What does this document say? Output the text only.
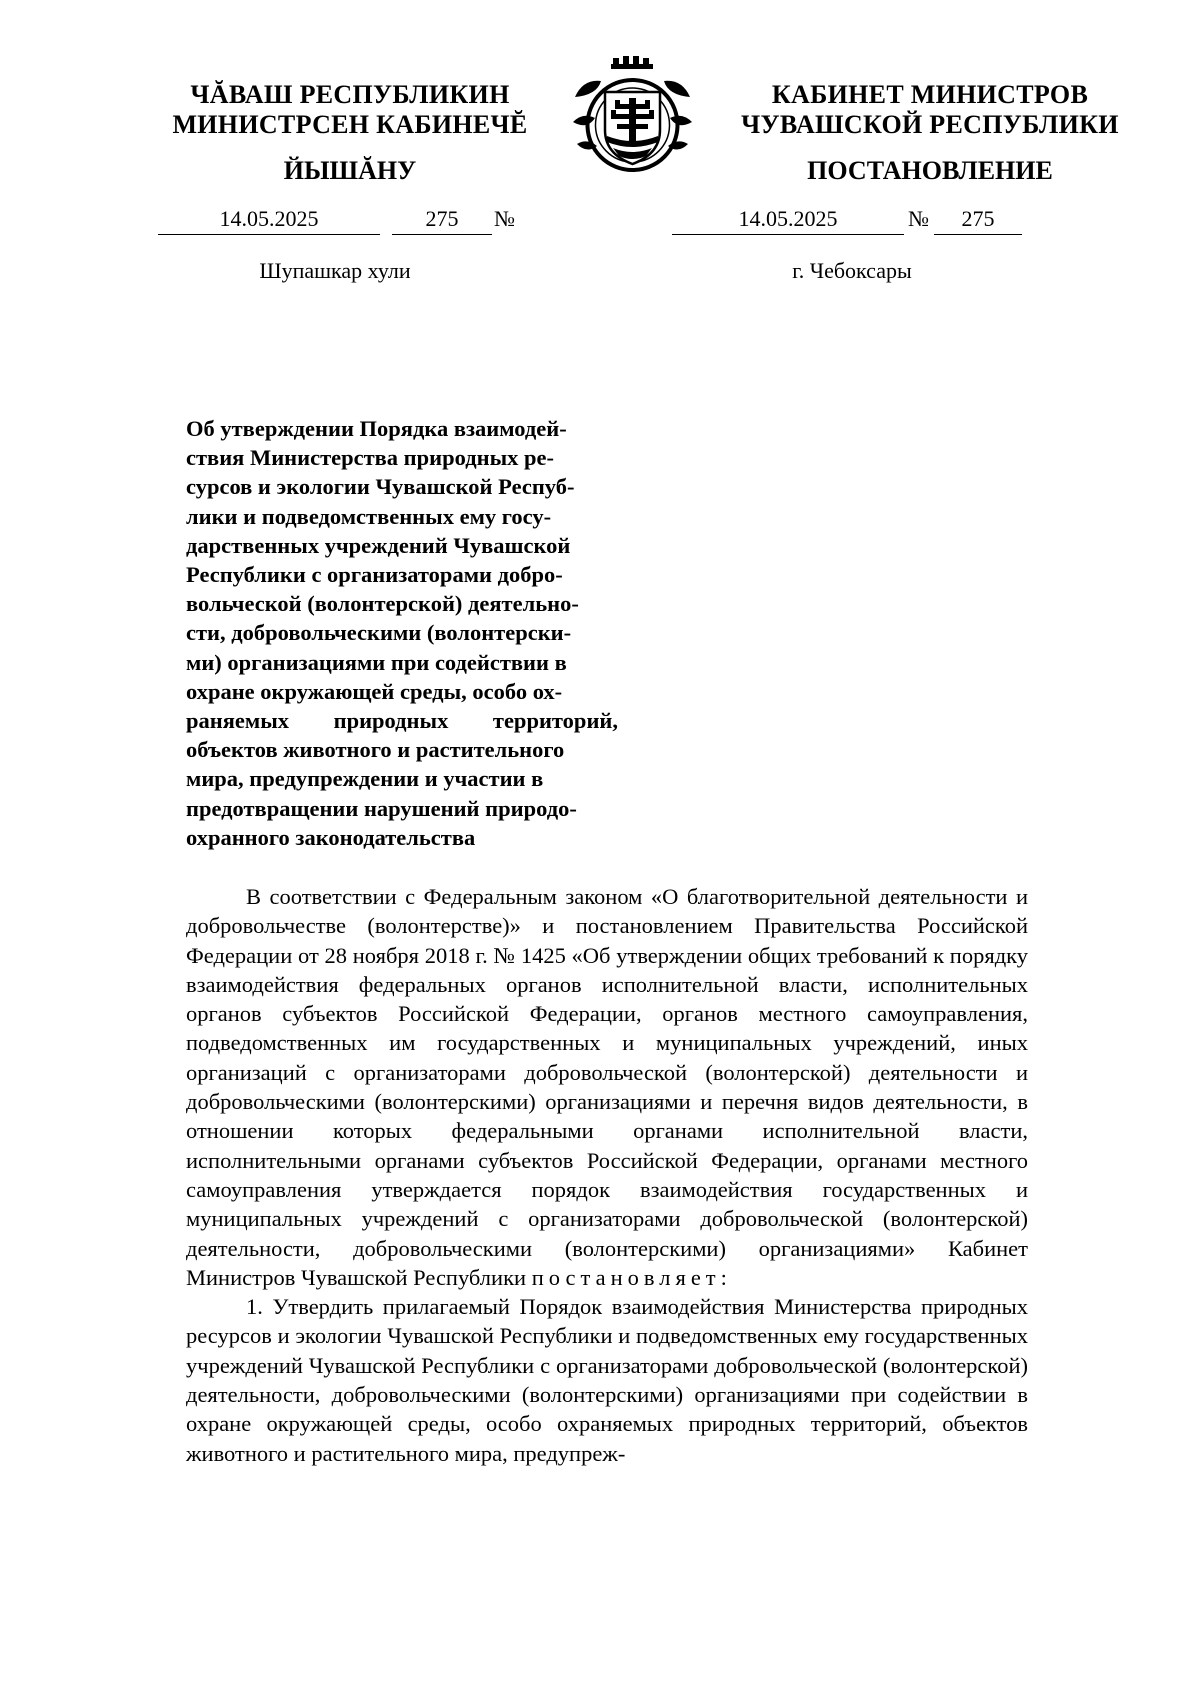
ЧĂВАШ РЕСПУБЛИКИН
МИНИСТРСЕН КАБИНЕЧĔ
ЙЫШĂНУ
КАБИНЕТ МИНИСТРОВ
ЧУВАШСКОЙ РЕСПУБЛИКИ
ПОСТАНОВЛЕНИЕ
14.05.2025	275	№	14.05.2025	№	275
Шупашкар хули	г. Чебоксары
Об утверждении Порядка взаимодей-
ствия Министерства природных ре-
сурсов и экологии Чувашской Респуб-
лики и подведомственных ему госу-
дарственных учреждений Чувашской
Республики с организаторами добро-
вольческой (волонтерской) деятельно-
сти, добровольческими (волонтерски-
ми) организациями при содействии в
охране окружающей среды, особо ох-
раняемых природных территорий,
объектов животного и растительного
мира, предупреждении и участии в
предотвращении нарушений природо-
охранного законодательства

В соответствии с Федеральным законом «О благотворительной деятельности и добровольчестве (волонтерстве)» и постановлением Правительства Российской Федерации от 28 ноября 2018 г. № 1425 «Об утверждении общих требований к порядку взаимодействия федеральных органов исполнительной власти, исполнительных органов субъектов Российской Федерации, органов местного самоуправления, подведомственных им государственных и муниципальных учреждений, иных организаций с организаторами добровольческой (волонтерской) деятельности и добровольческими (волонтерскими) организациями и перечня видов деятельности, в отношении которых федеральными органами исполнительной власти, исполнительными органами субъектов Российской Федерации, органами местного самоуправления утверждается порядок взаимодействия государственных и муниципальных учреждений с организаторами добровольческой (волонтерской) деятельности, добровольческими (волонтерскими) организациями» Кабинет Министров Чувашской Республики постановляет:

1. Утвердить прилагаемый Порядок взаимодействия Министерства природных ресурсов и экологии Чувашской Республики и подведомственных ему государственных учреждений Чувашской Республики с организаторами добровольческой (волонтерской) деятельности, добровольческими (волонтерскими) организациями при содействии в охране окружающей среды, особо охраняемых природных территорий, объектов животного и растительного мира, предупреж-
